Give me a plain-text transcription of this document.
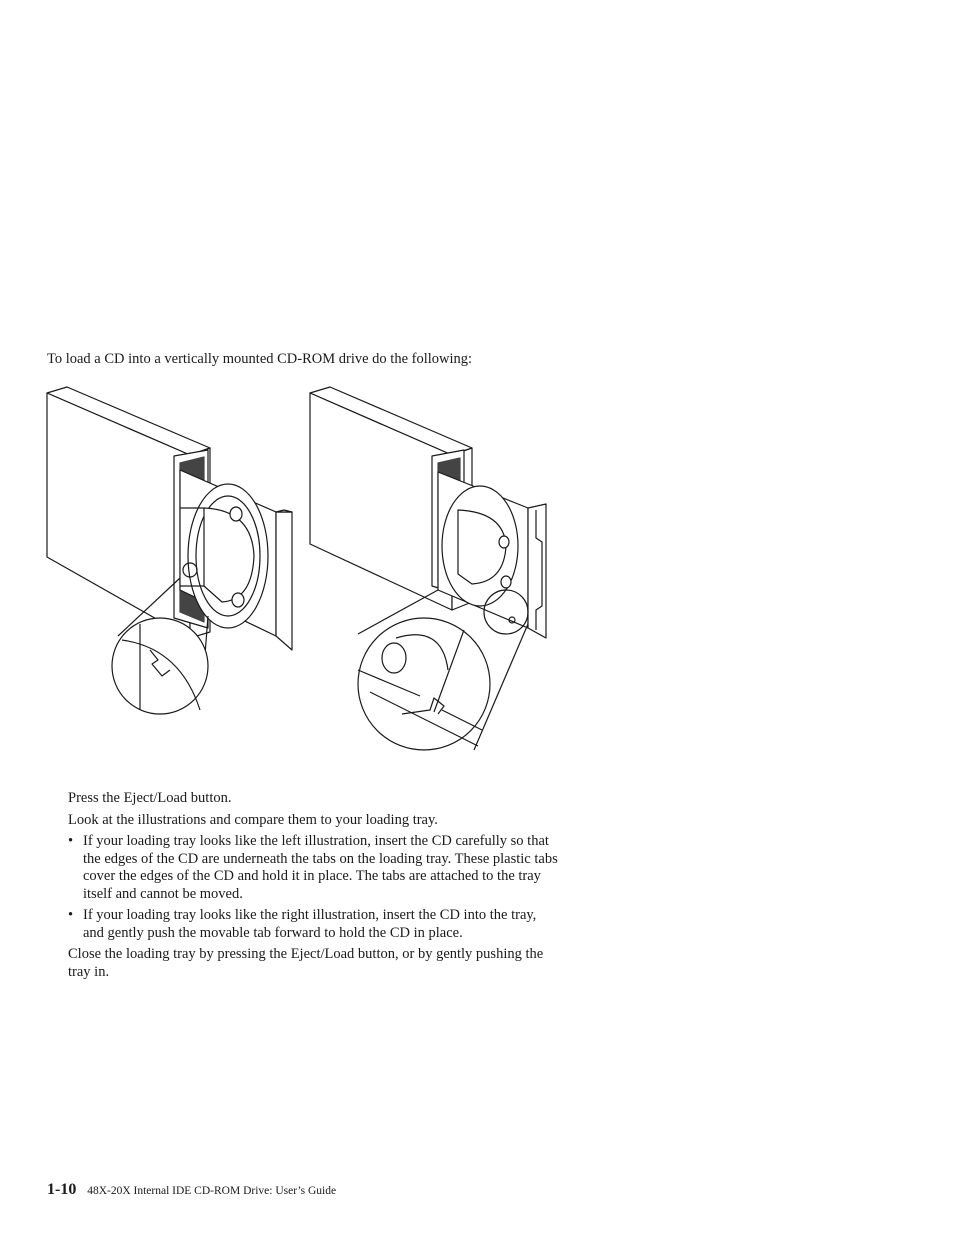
To load a CD into a vertically mounted CD-ROM drive do the following:

Press the Eject/Load button.

Look at the illustrations and compare them to your loading tray.

• If your loading tray looks like the left illustration, insert the CD carefully so that the edges of the CD are underneath the tabs on the loading tray. These plastic tabs cover the edges of the CD and hold it in place. The tabs are attached to the tray itself and cannot be moved.
• If your loading tray looks like the right illustration, insert the CD into the tray, and gently push the movable tab forward to hold the CD in place.

Close the loading tray by pressing the Eject/Load button, or by gently pushing the tray in.

1-10 48X-20X Internal IDE CD-ROM Drive: User’s Guide
